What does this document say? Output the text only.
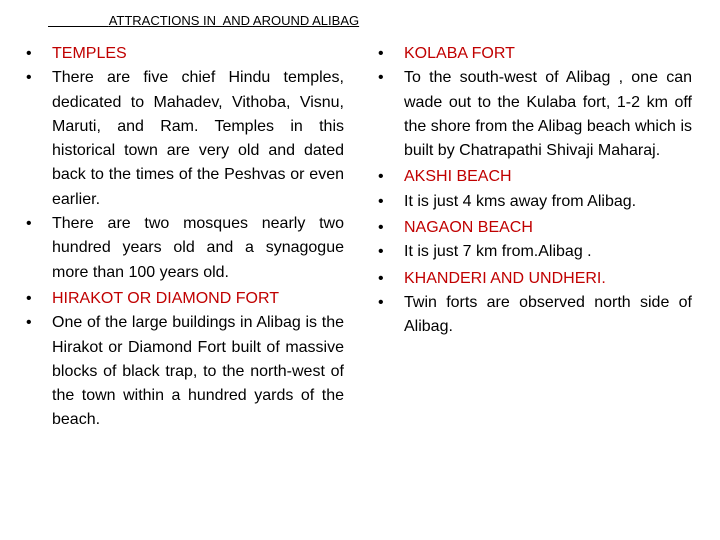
ATTRACTIONS IN  AND AROUND ALIBAG
• TEMPLES
• There are five chief Hindu temples, dedicated to Mahadev, Vithoba, Visnu, Maruti, and Ram. Temples in this historical town are very old and dated back to the times of the Peshvas or even earlier.
• There are two mosques nearly two hundred years old and a synagogue more than 100 years old.
• HIRAKOT OR DIAMOND FORT
• One of the large buildings in Alibag is the Hirakot or Diamond Fort built of massive blocks of black trap, to the north-west of the town within a hundred yards of the beach.
• KOLABA FORT
• To the south-west of Alibag , one can wade out to the Kulaba fort, 1-2 km off the shore from the Alibag beach which is built by Chatrapathi Shivaji Maharaj.
• AKSHI BEACH
• It is just 4 kms away from Alibag.
• NAGAON BEACH
• It is just 7 km from.Alibag .
• KHANDERI AND UNDHERI.
• Twin forts are observed north side of Alibag.
